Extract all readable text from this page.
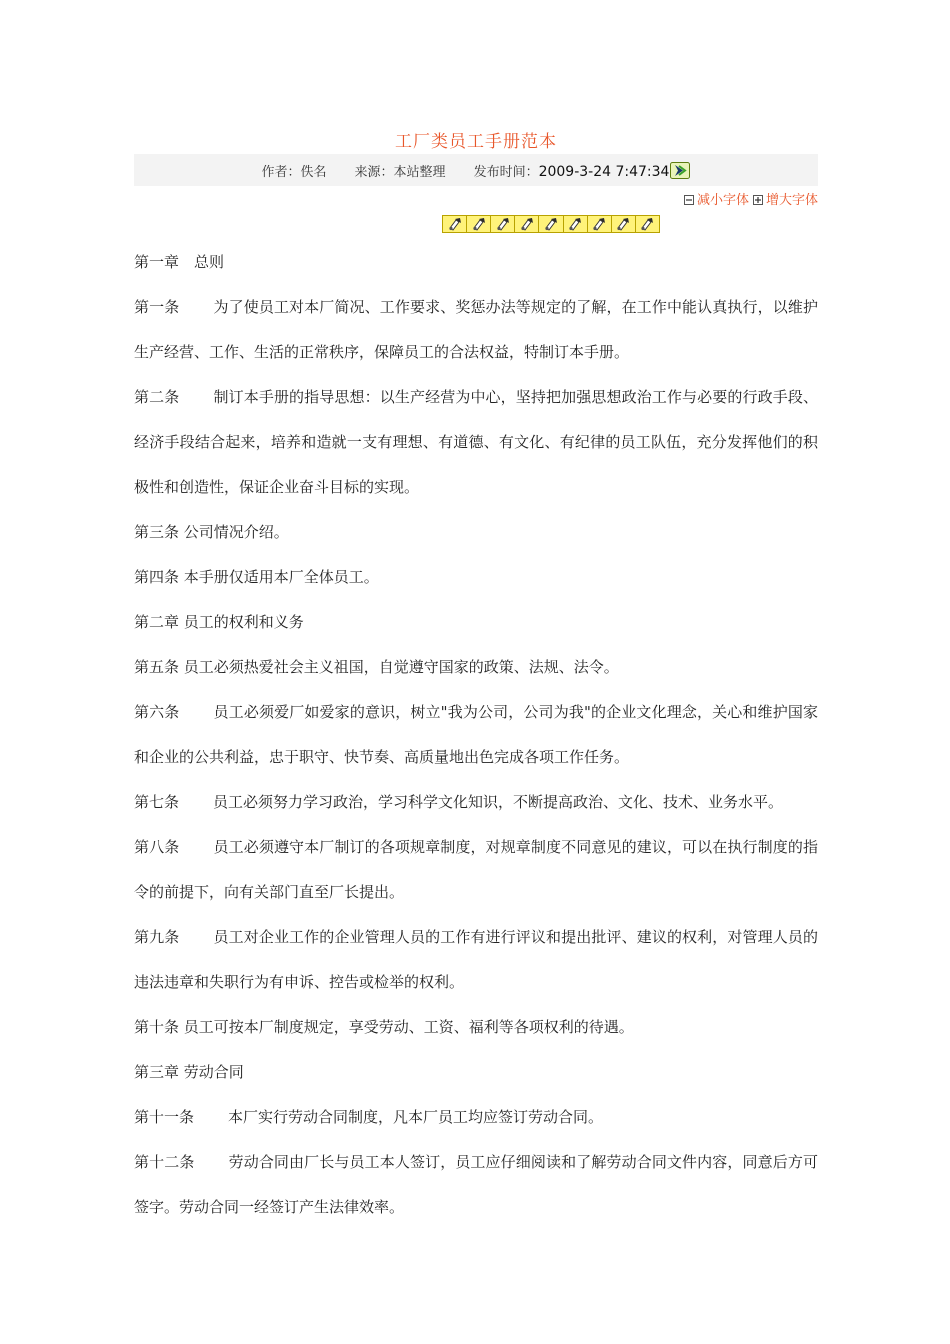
工厂类员工手册范本
作者：佚名 来源：本站整理 发布时间：2009-3-24 7:47:34
减小字体 增大字体

第一章　总则

第一条 为了使员工对本厂简况、工作要求、奖惩办法等规定的了解，在工作中能认真执行，以维护生产经营、工作、生活的正常秩序，保障员工的合法权益，特制订本手册。

第二条 制订本手册的指导思想：以生产经营为中心，坚持把加强思想政治工作与必要的行政手段、经济手段结合起来，培养和造就一支有理想、有道德、有文化、有纪律的员工队伍，充分发挥他们的积极性和创造性，保证企业奋斗目标的实现。

第三条 公司情况介绍。

第四条 本手册仅适用本厂全体员工。

第二章 员工的权利和义务

第五条 员工必须热爱社会主义祖国，自觉遵守国家的政策、法规、法令。

第六条 员工必须爱厂如爱家的意识，树立"我为公司，公司为我"的企业文化理念，关心和维护国家和企业的公共利益，忠于职守、快节奏、高质量地出色完成各项工作任务。

第七条 员工必须努力学习政治，学习科学文化知识，不断提高政治、文化、技术、业务水平。

第八条 员工必须遵守本厂制订的各项规章制度，对规章制度不同意见的建议，可以在执行制度的指令的前提下，向有关部门直至厂长提出。

第九条 员工对企业工作的企业管理人员的工作有进行评议和提出批评、建议的权利，对管理人员的违法违章和失职行为有申诉、控告或检举的权利。

第十条 员工可按本厂制度规定，享受劳动、工资、福利等各项权利的待遇。

第三章 劳动合同

第十一条 本厂实行劳动合同制度，凡本厂员工均应签订劳动合同。

第十二条 劳动合同由厂长与员工本人签订，员工应仔细阅读和了解劳动合同文件内容，同意后方可签字。劳动合同一经签订产生法律效率。
